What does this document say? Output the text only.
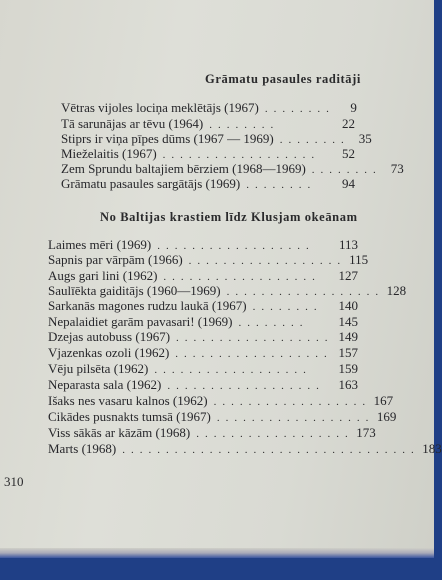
Grāmatu pasaules raditāji
Vētras vijoles lociņa meklētājs (1967) ........	9
Tā sarunājas ar tēvu (1964) ........	22
Stiprs ir viņa pīpes dūms (1967 — 1969) ........ 35
Mieželaitis (1967) ..................	52
Zem Sprundu baltajiem bērziem (1968—1969) ........ 73
Grāmatu pasaules sargātājs (1969) ........	94
No Baltijas krastiem līdz Klusjam okeānam
Laimes mēri (1969) ..................	113
Sapnis par vārpām (1966) .................. 115
Augs gari lini (1962) ..................	127
Saulīēkta gaiditājs (1960—1969) .................. 128
Sarkanās magones rudzu laukā (1967) ........	140
Nepalaidiet garām pavasari! (1969) ........	145
Dzejas autobuss (1967) .................. 149
Vjazenkas ozoli (1962) .................. 157
Vēju pilsēta (1962) ..................	159
Neparasta sala (1962) ..................	163
Išaks nes vasaru kalnos (1962) .................. 167
Cikādes pusnakts tumsā (1967) .................. 169
Viss sākās ar kāzām (1968) .................. 173
Marts (1968) .................................. 183
310
